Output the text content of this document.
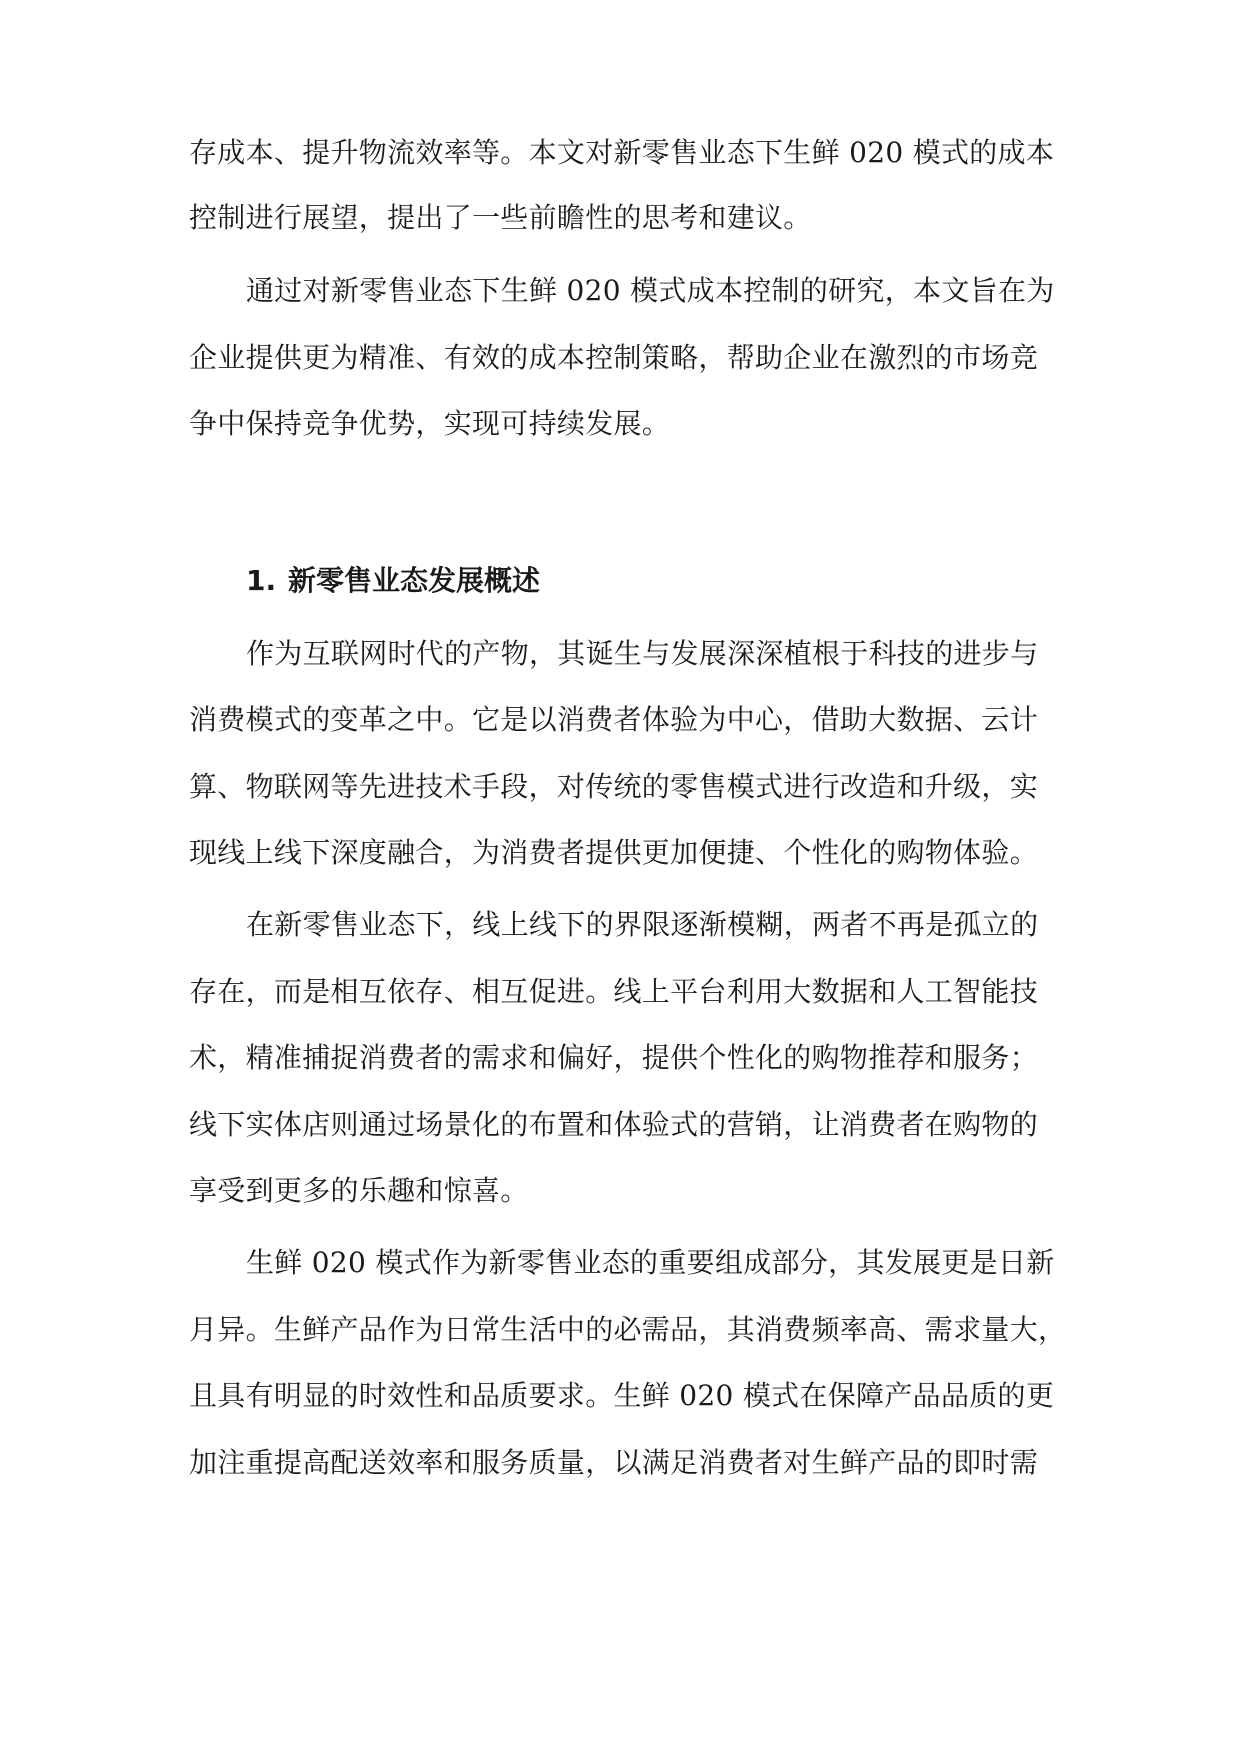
存成本、提升物流效率等。本文对新零售业态下生鲜 020 模式的成本
控制进行展望，提出了一些前瞻性的思考和建议。
通过对新零售业态下生鲜 020 模式成本控制的研究，本文旨在为
企业提供更为精准、有效的成本控制策略，帮助企业在激烈的市场竞
争中保持竞争优势，实现可持续发展。
1. 新零售业态发展概述
作为互联网时代的产物，其诞生与发展深深植根于科技的进步与
消费模式的变革之中。它是以消费者体验为中心，借助大数据、云计
算、物联网等先进技术手段，对传统的零售模式进行改造和升级，实
现线上线下深度融合，为消费者提供更加便捷、个性化的购物体验。
在新零售业态下，线上线下的界限逐渐模糊，两者不再是孤立的
存在，而是相互依存、相互促进。线上平台利用大数据和人工智能技
术，精准捕捉消费者的需求和偏好，提供个性化的购物推荐和服务；
线下实体店则通过场景化的布置和体验式的营销，让消费者在购物的
享受到更多的乐趣和惊喜。
生鲜 020 模式作为新零售业态的重要组成部分，其发展更是日新
月异。生鲜产品作为日常生活中的必需品，其消费频率高、需求量大，
且具有明显的时效性和品质要求。生鲜 020 模式在保障产品品质的更
加注重提高配送效率和服务质量，以满足消费者对生鲜产品的即时需
